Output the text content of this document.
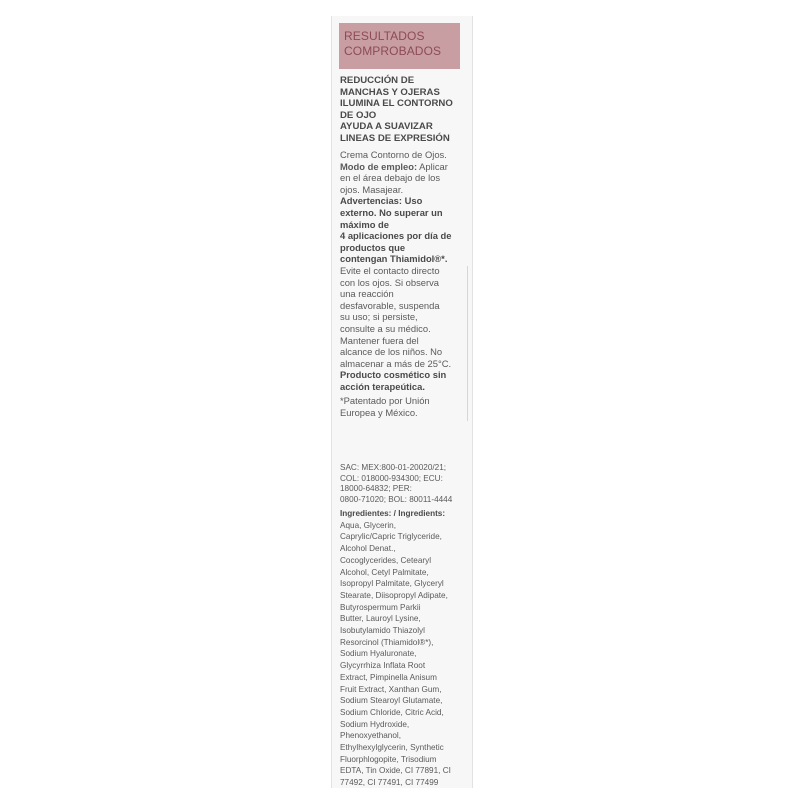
RESULTADOS
COMPROBADOS
REDUCCIÓN DE
MANCHAS Y OJERAS
ILUMINA EL CONTORNO
DE OJO
AYUDA A SUAVIZAR
LINEAS DE EXPRESIÓN
Crema Contorno de Ojos.
Modo de empleo: Aplicar
en el área debajo de los
ojos. Masajear.
Advertencias: Uso
externo. No superar un
máximo de
4 aplicaciones por día de
productos que
contengan Thiamidol®*.
Evite el contacto directo
con los ojos. Si observa
una reacción
desfavorable, suspenda
su uso; si persiste,
consulte a su médico.
Mantener fuera del
alcance de los niños. No
almacenar a más de 25°C.
Producto cosmético sin
acción terapeútica.
*Patentado por Unión
Europea y México.
SAC: MEX:800-01-20020/21;
COL: 018000-934300; ECU:
18000-64832; PER:
0800-71020; BOL: 80011-4444
Ingredientes: / Ingredients:
Aqua, Glycerin,
Caprylic/Capric Triglyceride,
Alcohol Denat.,
Cocoglycerides, Cetearyl
Alcohol, Cetyl Palmitate,
Isopropyl Palmitate, Glyceryl
Stearate, Diisopropyl Adipate,
Butyrospermum Parkii
Butter, Lauroyl Lysine,
Isobutylamido Thiazolyl
Resorcinol (Thiamidol®*),
Sodium Hyaluronate,
Glycyrrhiza Inflata Root
Extract, Pimpinella Anisum
Fruit Extract, Xanthan Gum,
Sodium Stearoyl Glutamate,
Sodium Chloride, Citric Acid,
Sodium Hydroxide,
Phenoxyethanol,
Ethylhexylglycerin, Synthetic
Fluorphlogopite, Trisodium
EDTA, Tin Oxide, CI 77891, CI
77492, CI 77491, CI 77499
